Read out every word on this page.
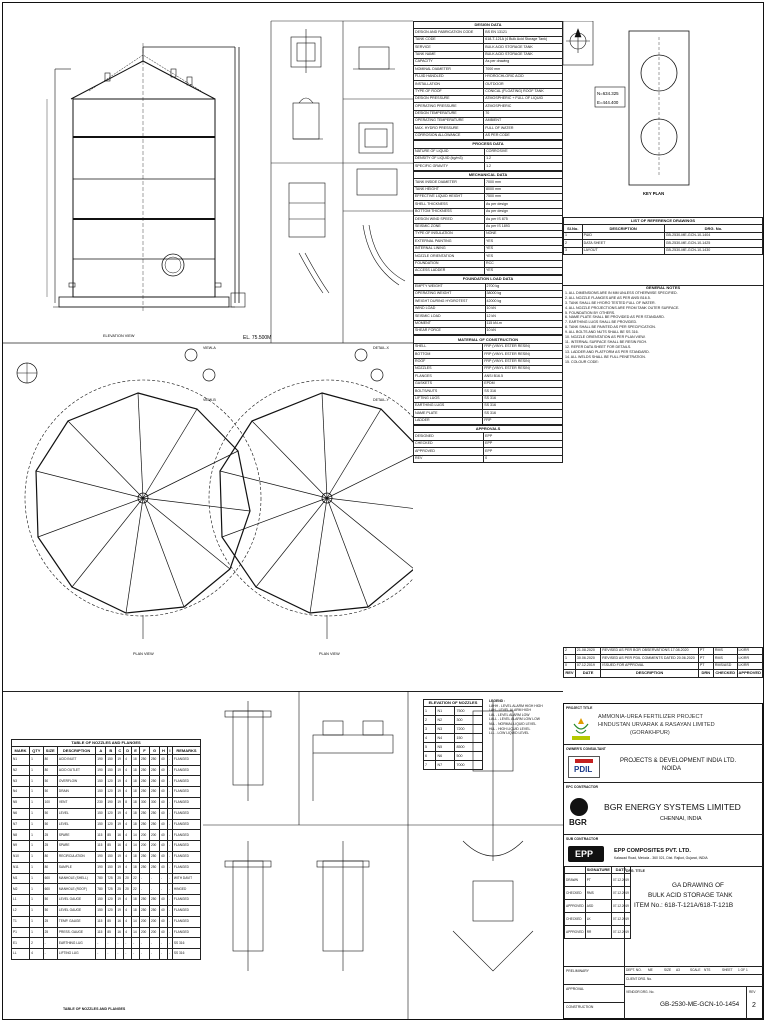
ELEVATION VIEW	EL. 75.500M
PLAN VIEW	PLAN VIEW
VIEW-A
VIEW-B
DETAIL-X
DETAIL-Y
DESIGN DATA	
DESIGN AND FABRICATION CODE	BS EN 13121
TANK CODE	618-T-121A (4 Bulk Acid Storage Tank)
SERVICE	BULK ACID STORAGE TANK
TANK NAME	BULK ACID STORAGE TANK
CAPACITY	As per drawing
NOMINAL DIAMETER	7000 mm
FLUID HANDLED	HYDROCHLORIC ACID
INSTALLATION	OUTDOOR
TYPE OF ROOF	CONICAL (FLOATING) ROOF TANK
DESIGN PRESSURE	ATMOSPHERIC + FULL OF LIQUID
OPERATING PRESSURE	ATMOSPHERIC
DESIGN TEMPERATURE	70
OPERATING TEMPERATURE	AMBIENT
MAX. HYDRO PRESSURE	FULL OF WATER
CORROSION ALLOWANCE	AS PER CODE
PROCESS DATA	
NATURE OF LIQUID	CORROSIVE
DENSITY OF LIQUID (kg/m3)	1.2
SPECIFIC GRAVITY	1.2
MECHANICAL DATA	
TANK INSIDE DIAMETER	7000 mm
TANK HEIGHT	8000 mm
EFFECTIVE LIQUID HEIGHT	7500 mm
SHELL THICKNESS	As per design
BOTTOM THICKNESS	As per design
DESIGN WIND SPEED	As per IS 875
SEISMIC ZONE	As per IS 1893
TYPE OF INSULATION	NONE
EXTERNAL PAINTING	YES
INTERNAL LINING	YES
NOZZLE ORIENTATION	YES
FOUNDATION	RCC
ACCESS LADDER	YES
FOUNDATION LOAD DATA	
EMPTY WEIGHT	2700 kg
OPERATING WEIGHT	38000 kg
WEIGHT DURING HYDROTEST	42000 kg
WIND LOAD	10 kN
SEISMIC LOAD	12 kN
MOMENT	115 kN-m
SHEAR FORCE	10 kN
MATERIAL OF CONSTRUCTION	
SHELL	FRP (VINYL ESTER RESIN)
BOTTOM	FRP (VINYL ESTER RESIN)
ROOF	FRP (VINYL ESTER RESIN)
NOZZLES	FRP (VINYL ESTER RESIN)
FLANGES	ANSI B16.5
GASKETS	EPDM
BOLTS/NUTS	SS 316
LIFTING LUGS	SS 316
EARTHING LUGS	SS 316
NAME PLATE	SS 316
LADDER	FRP
APPROVALS	
DESIGNED	EPP
CHECKED	EPP
APPROVED	EPP
REV	0
N=634.325
E=444.400
KEY PLAN
LIST OF REFERENCE DRAWINGS		
Sl.No.	DESCRIPTION	DRG. No.
1	P&ID	GB-2530-ME-GCN-10-1404
2	DATA SHEET	GB-2530-ME-GCN-10-1425
3	LAYOUT	GB-2530-ME-GCN-10-1430
GENERAL NOTES
1. ALL DIMENSIONS ARE IN MM UNLESS OTHERWISE SPECIFIED.
2. ALL NOZZLE FLANGES ARE AS PER ANSI B16.5.
3. TANK SHALL BE HYDRO TESTED FULL OF WATER.
4. ALL NOZZLE PROJECTIONS ARE FROM TANK OUTER SURFACE.
5. FOUNDATION BY OTHERS.
6. NAME PLATE SHALL BE PROVIDED AS PER STANDARD.
7. EARTHING LUGS SHALL BE PROVIDED.
8. TANK SHALL BE PAINTED AS PER SPECIFICATION.
9. ALL BOLTS AND NUTS SHALL BE SS 316.
10. NOZZLE ORIENTATION AS PER PLAN VIEW.
11. INTERNAL SURFACE SHALL BE RESIN RICH.
12. REFER DATA SHEET FOR DETAILS.
13. LADDER AND PLATFORM AS PER STANDARD.
14. ALL WELDS SHALL BE FULL PENETRATION.
15. COLOUR CODE:
2	21.08.2020	REVISED AS PER BGR OBSERVATIONS 17.08.2020	PT	RMS	LK/RR
1	30.06.2020	REVISED AS PER PDIL COMMENTS DATED 20.06.2020	PT	RMS	LK/RR
0	07.12.2019	ISSUED FOR APPROVAL	PT	RMS/ASD	LK/RR
REV	DATE	DESCRIPTION	DRN	CHECKED	APPROVED
TABLE OF NOZZLES AND FLANGES													
MARK	QTY	SIZE	DESCRIPTION	A	B	C	D	E	F	G	H	I	REMARKS
N1	1	80	ACID INLET	190	150	19	4	18	250	250	40	-	FLANGED
N2	1	80	ACID OUTLET	190	150	19	4	18	250	250	40	-	FLANGED
N3	1	50	OVERFLOW	150	120	19	4	18	250	250	40	-	FLANGED
N4	1	50	DRAIN	150	120	19	4	18	250	250	40	-	FLANGED
N5	1	100	VENT	230	190	19	8	18	300	300	40	-	FLANGED
N6	1	50	LEVEL	150	120	19	4	18	250	250	40	-	FLANGED
N7	1	50	LEVEL	150	120	19	4	18	250	250	40	-	FLANGED
N8	1	25	SPARE	115	85	16	4	14	200	200	40	-	FLANGED
N9	1	25	SPARE	115	85	16	4	14	200	200	40	-	FLANGED
N10	1	80	RECIRCULATION	190	150	19	4	18	250	250	40	-	FLANGED
N11	1	80	SAMPLE	190	150	19	4	18	250	250	40	-	FLANGED
M1	1	600	MANHOLE (SHELL)	780	725	25	20	22	-	-	-	-	WITH DAVIT
M2	1	600	MANHOLE (ROOF)	780	725	25	20	22	-	-	-	-	HINGED
L1	1	50	LEVEL GAUGE	150	120	19	4	18	250	250	40	-	FLANGED
L2	1	50	LEVEL GAUGE	150	120	19	4	18	250	250	40	-	FLANGED
T1	1	25	TEMP. GAUGE	115	85	16	4	14	200	200	40	-	FLANGED
P1	1	25	PRESS. GAUGE	115	85	16	4	14	200	200	40	-	FLANGED
E1	2	-	EARTHING LUG	-	-	-	-	-	-	-	-	-	SS 316
LL	4	-	LIFTING LUG	-	-	-	-	-	-	-	-	-	SS 316
TABLE OF NOZZLES AND FLANGES
ELEVATION OF NOZZLES		
1	N1	7500
2	N2	300
3	N3	7200
4	N4	150
5	N5	8500
6	N6	500
7	N7	7000
LEGEND :
LAHH - LEVEL ALARM HIGH HIGH
LAH - LEVEL ALARM HIGH
LAL - LEVEL ALARM LOW
LALL - LEVEL ALARM LOW LOW
NLL - NORMAL LIQUID LEVEL
HLL - HIGH LIQUID LEVEL
LLL - LOW LIQUID LEVEL
PROJECT TITLE
AMMONIA-UREA FERTILIZER PROJECT
HINDUSTAN URVARAK & RASAYAN LIMITED
(GORAKHPUR)
OWNER'S CONSULTANT
PDIL
PROJECTS & DEVELOPMENT INDIA LTD.
NOIDA
EPC CONTRACTOR
BGR
BGR ENERGY SYSTEMS LIMITED
CHENNAI, INDIA
SUB CONTRACTOR
EPP	EPP COMPOSITES PVT. LTD.
Kalawad Road, Metoda - 360 021, Dist. Rajkot, Gujarat, INDIA
	SIGNATURE	DATE
DRAWN	PT	07.12.2019
CHECKED	RMS	07.12.2019
APPROVED	ASD	07.12.2019
CHECKED	LK	07.12.2019
APPROVED	RR	07.12.2019
DRG. TITLE
GA DRAWING OF
BULK ACID STORAGE TANK
ITEM No.: 618-T-121A/618-T-121B
PRELIMINARY
APPROVAL
CONSTRUCTION
DEPT. NO. ME	SIZE A3	SCALE NTS	SHEET 1 OF 1
CLIENT DRG. No.
VENDOR DRG. No.
GB-2530-ME-GCN-10-1454
REV
2
